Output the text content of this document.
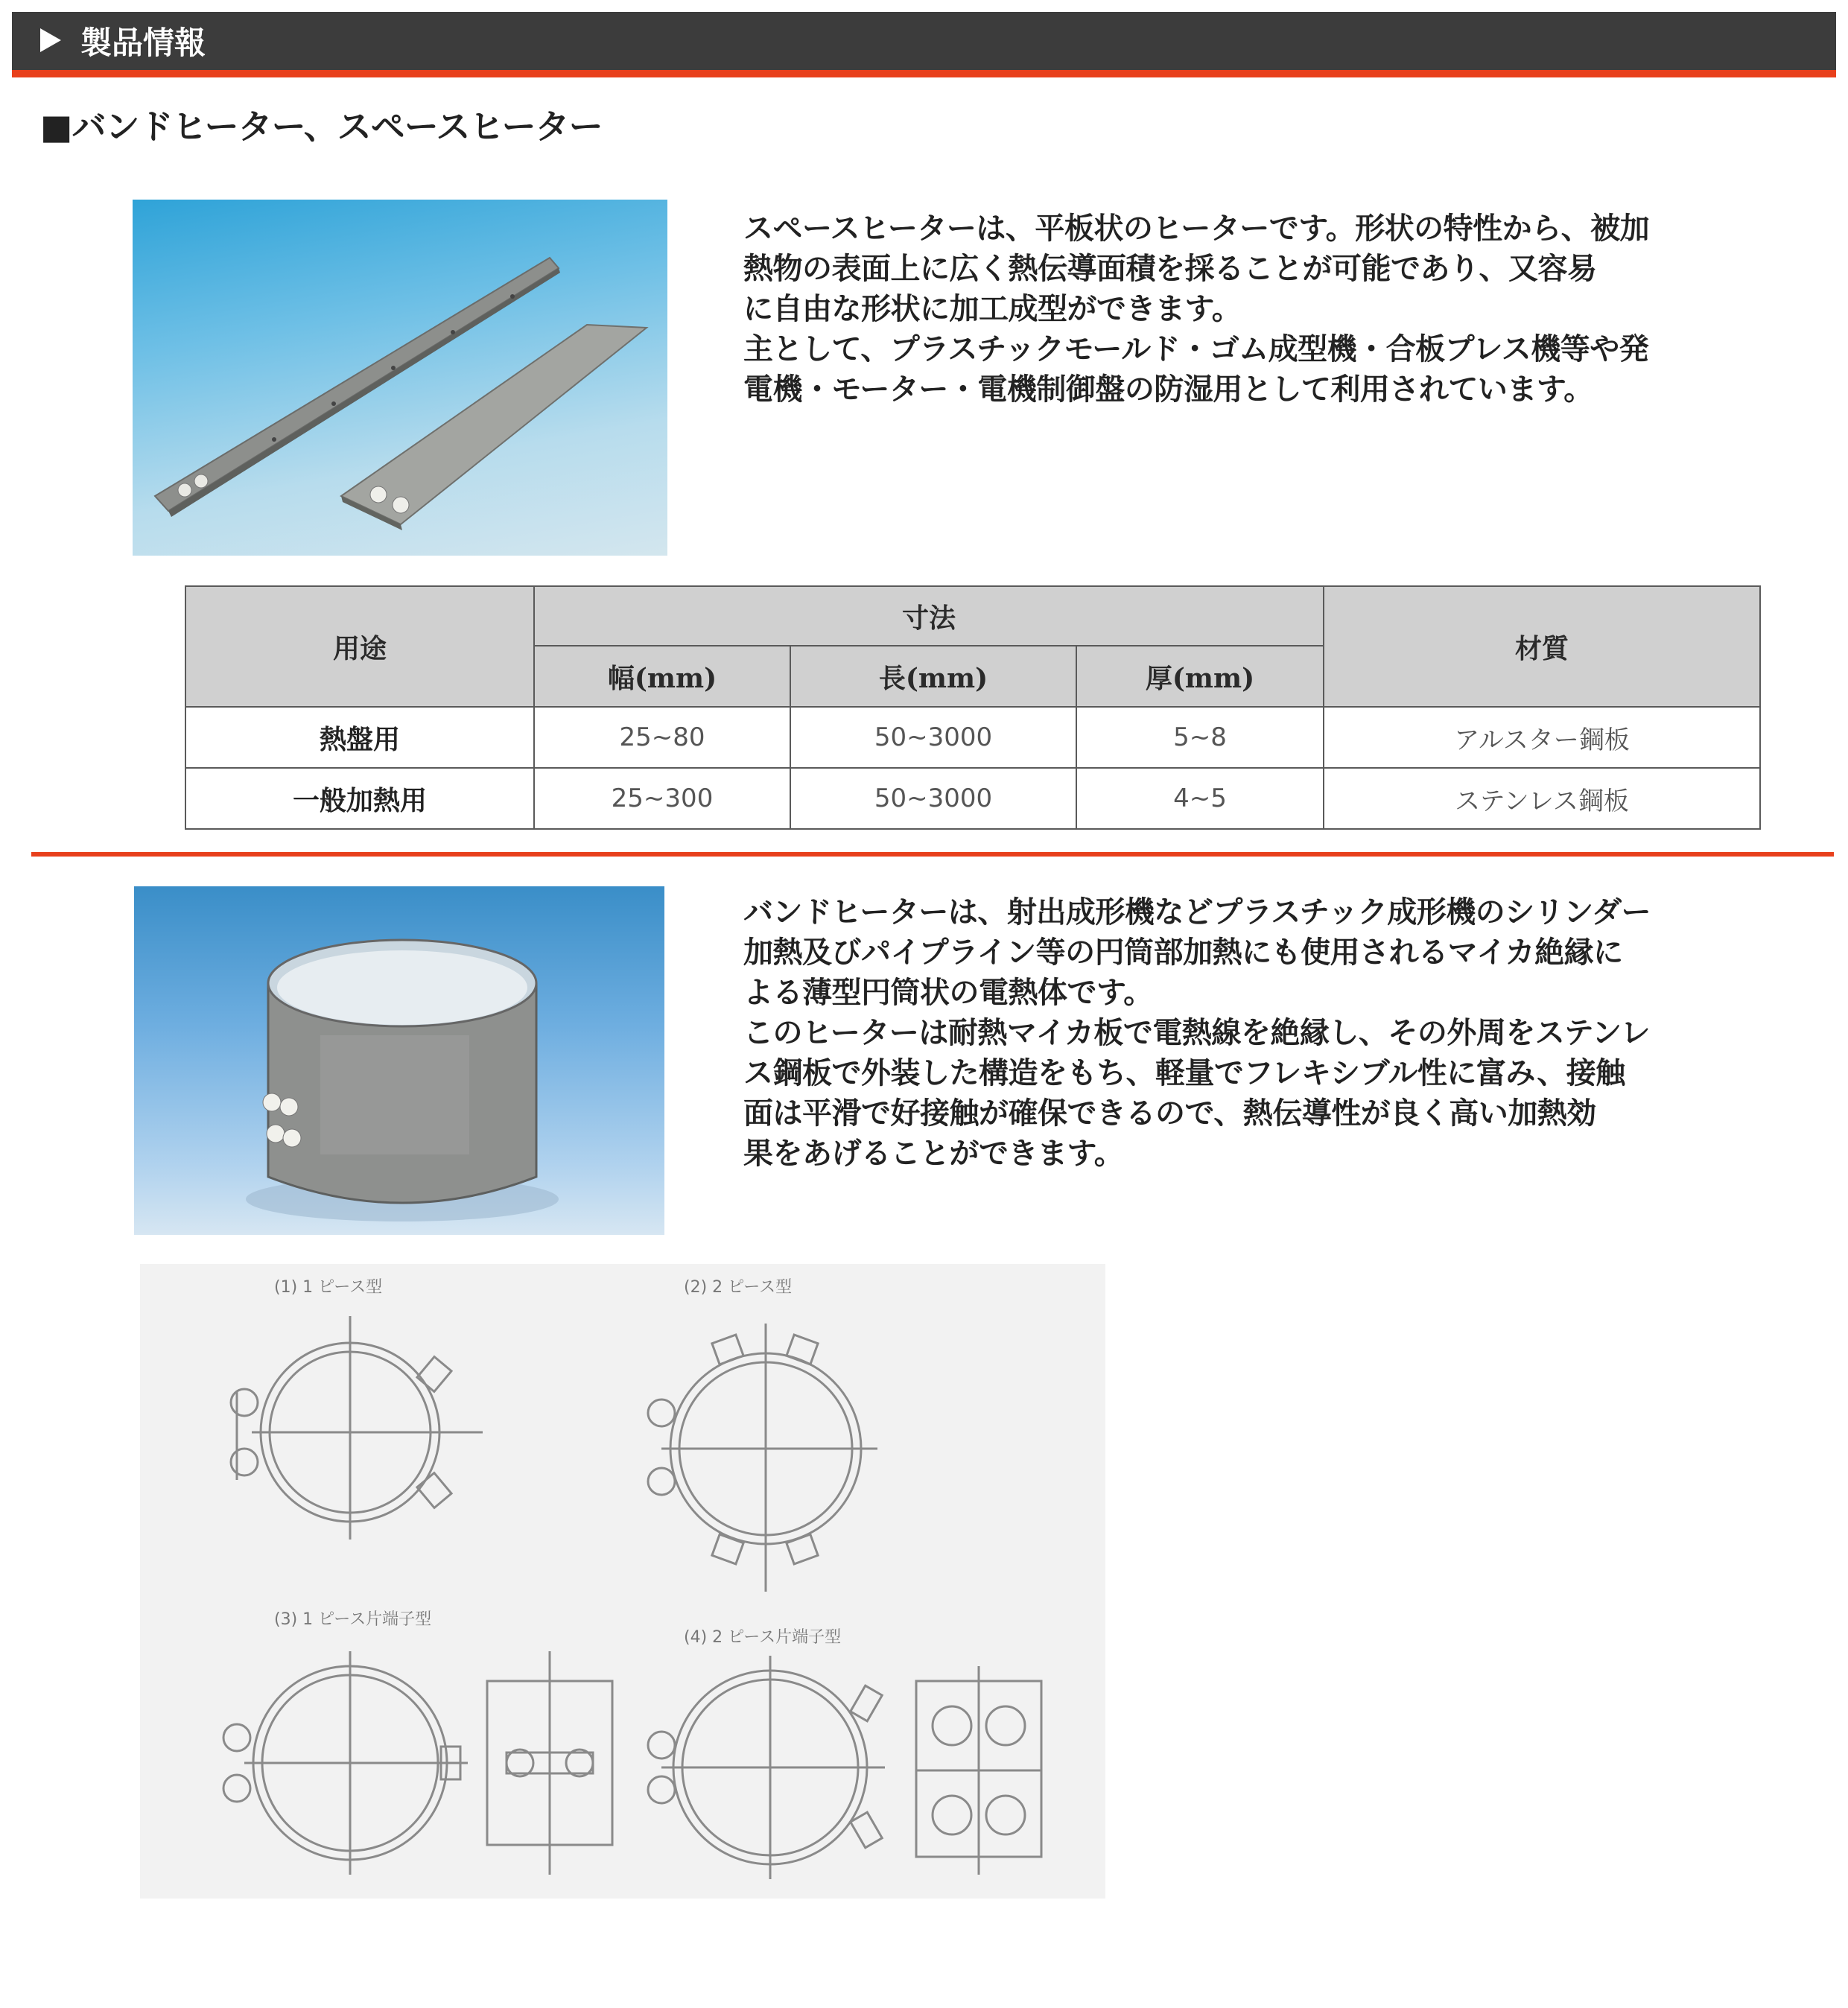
製品情報
■バンドヒーター、スペースヒーター
スペースヒーターは、平板状のヒーターです。形状の特性から、被加
熱物の表面上に広く熱伝導面積を採ることが可能であり、又容易
に自由な形状に加工成型ができます。
主として、プラスチックモールド・ゴム成型機・合板プレス機等や発
電機・モーター・電機制御盤の防湿用として利用されています。
用途	寸法			材質
	幅(mm)	長(mm)	厚(mm)	
熱盤用	25~80	50~3000	5~8	アルスター鋼板
一般加熱用	25~300	50~3000	4~5	ステンレス鋼板
バンドヒーターは、射出成形機などプラスチック成形機のシリンダー
加熱及びパイプライン等の円筒部加熱にも使用されるマイカ絶縁に
よる薄型円筒状の電熱体です。
このヒーターは耐熱マイカ板で電熱線を絶縁し、その外周をステンレ
ス鋼板で外装した構造をもち、軽量でフレキシブル性に富み、接触
面は平滑で好接触が確保できるので、熱伝導性が良く高い加熱効
果をあげることができます。
(1) 1 ピース型	(2) 2 ピース型
(3) 1 ピース片端子型
(4) 2 ピース片端子型
